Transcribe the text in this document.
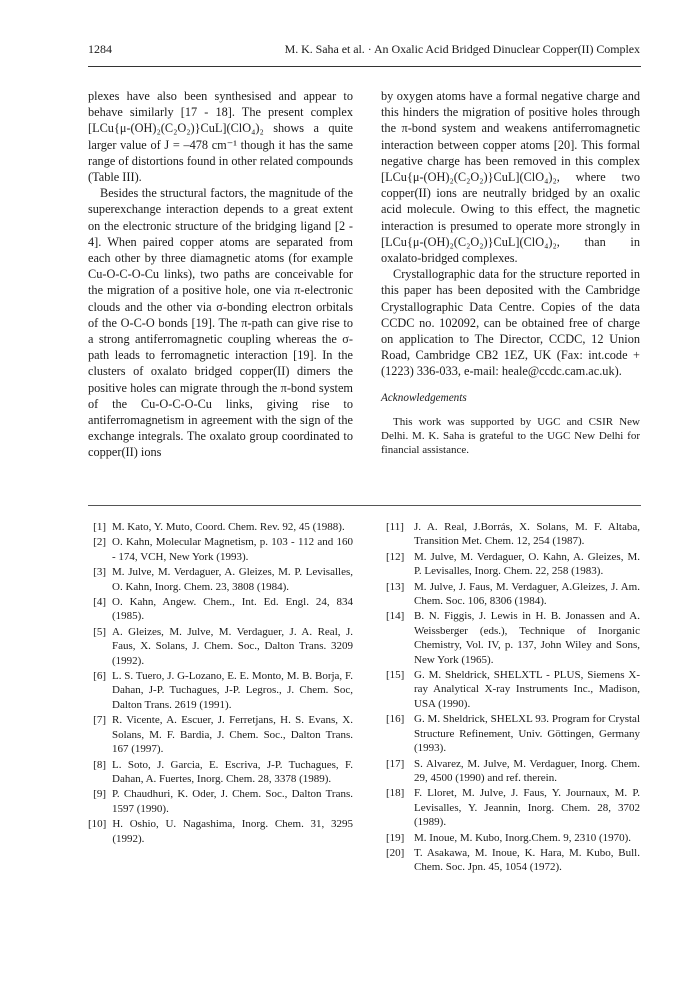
1284	M. K. Saha et al. · An Oxalic Acid Bridged Dinuclear Copper(II) Complex

plexes have also been synthesised and appear to behave similarly [17 - 18]. The present complex [LCu{μ-(OH)₂(C₂O₂)}CuL](ClO₄)₂ shows a quite larger value of J = –478 cm⁻¹ though it has the same range of distortions found in other related compounds (Table III).

Besides the structural factors, the magnitude of the superexchange interaction depends to a great extent on the electronic structure of the bridging ligand [2 - 4]. When paired copper atoms are separated from each other by three diamagnetic atoms (for example Cu-O-C-O-Cu links), two paths are conceivable for the migration of a positive hole, one via π-electronic clouds and the other via σ-bonding electron orbitals of the O-C-O bonds [19]. The π-path can give rise to a strong antiferromagnetic coupling whereas the σ-path leads to ferromagnetic interaction [19]. In the clusters of oxalato bridged copper(II) dimers the positive holes can migrate through the π-bond system of the Cu-O-C-O-Cu links, giving rise to antiferromagnetism in agreement with the sign of the exchange integrals. The oxalato group coordinated to copper(II) ions

by oxygen atoms have a formal negative charge and this hinders the migration of positive holes through the π-bond system and weakens antiferromagnetic interaction between copper atoms [20]. This formal negative charge has been removed in this complex [LCu{μ-(OH)₂(C₂O₂)}CuL](ClO₄)₂, where two copper(II) ions are neutrally bridged by an oxalic acid molecule. Owing to this effect, the magnetic interaction is presumed to operate more strongly in [LCu{μ-(OH)₂(C₂O₂)}CuL](ClO₄)₂, than in oxalato-bridged complexes.

Crystallographic data for the structure reported in this paper has been deposited with the Cambridge Crystallographic Data Centre. Copies of the data CCDC no. 102092, can be obtained free of charge on application to The Director, CCDC, 12 Union Road, Cambridge CB2 1EZ, UK (Fax: int.code +(1223) 336-033, e-mail: heale@ccdc.cam.ac.uk).

Acknowledgements

This work was supported by UGC and CSIR New Delhi. M. K. Saha is grateful to the UGC New Delhi for financial assistance.

[1] M. Kato, Y. Muto, Coord. Chem. Rev. 92, 45 (1988).
[2] O. Kahn, Molecular Magnetism, p. 103 - 112 and 160 - 174, VCH, New York (1993).
[3] M. Julve, M. Verdaguer, A. Gleizes, M. P. Levisalles, O. Kahn, Inorg. Chem. 23, 3808 (1984).
[4] O. Kahn, Angew. Chem., Int. Ed. Engl. 24, 834 (1985).
[5] A. Gleizes, M. Julve, M. Verdaguer, J. A. Real, J. Faus, X. Solans, J. Chem. Soc., Dalton Trans. 3209 (1992).
[6] L. S. Tuero, J. G-Lozano, E. E. Monto, M. B. Borja, F. Dahan, J-P. Tuchagues, J-P. Legros., J. Chem. Soc, Dalton Trans. 2619 (1991).
[7] R. Vicente, A. Escuer, J. Ferretjans, H. S. Evans, X. Solans, M. F. Bardia, J. Chem. Soc., Dalton Trans. 167 (1997).
[8] L. Soto, J. Garcia, E. Escriva, J-P. Tuchagues, F. Dahan, A. Fuertes, Inorg. Chem. 28, 3378 (1989).
[9] P. Chaudhuri, K. Oder, J. Chem. Soc., Dalton Trans. 1597 (1990).
[10] H. Oshio, U. Nagashima, Inorg. Chem. 31, 3295 (1992).
[11] J. A. Real, J.Borrás, X. Solans, M. F. Altaba, Transition Met. Chem. 12, 254 (1987).
[12] M. Julve, M. Verdaguer, O. Kahn, A. Gleizes, M. P. Levisalles, Inorg. Chem. 22, 258 (1983).
[13] M. Julve, J. Faus, M. Verdaguer, A.Gleizes, J. Am. Chem. Soc. 106, 8306 (1984).
[14] B. N. Figgis, J. Lewis in H. B. Jonassen and A. Weissberger (eds.), Technique of Inorganic Chemistry, Vol. IV, p. 137, John Wiley and Sons, New York (1965).
[15] G. M. Sheldrick, SHELXTL - PLUS, Siemens X-ray Analytical X-ray Instruments Inc., Madison, USA (1990).
[16] G. M. Sheldrick, SHELXL 93. Program for Crystal Structure Refinement, Univ. Göttingen, Germany (1993).
[17] S. Alvarez, M. Julve, M. Verdaguer, Inorg. Chem. 29, 4500 (1990) and ref. therein.
[18] F. Lloret, M. Julve, J. Faus, Y. Journaux, M. P. Levisalles, Y. Jeannin, Inorg. Chem. 28, 3702 (1989).
[19] M. Inoue, M. Kubo, Inorg.Chem. 9, 2310 (1970).
[20] T. Asakawa, M. Inoue, K. Hara, M. Kubo, Bull. Chem. Soc. Jpn. 45, 1054 (1972).
